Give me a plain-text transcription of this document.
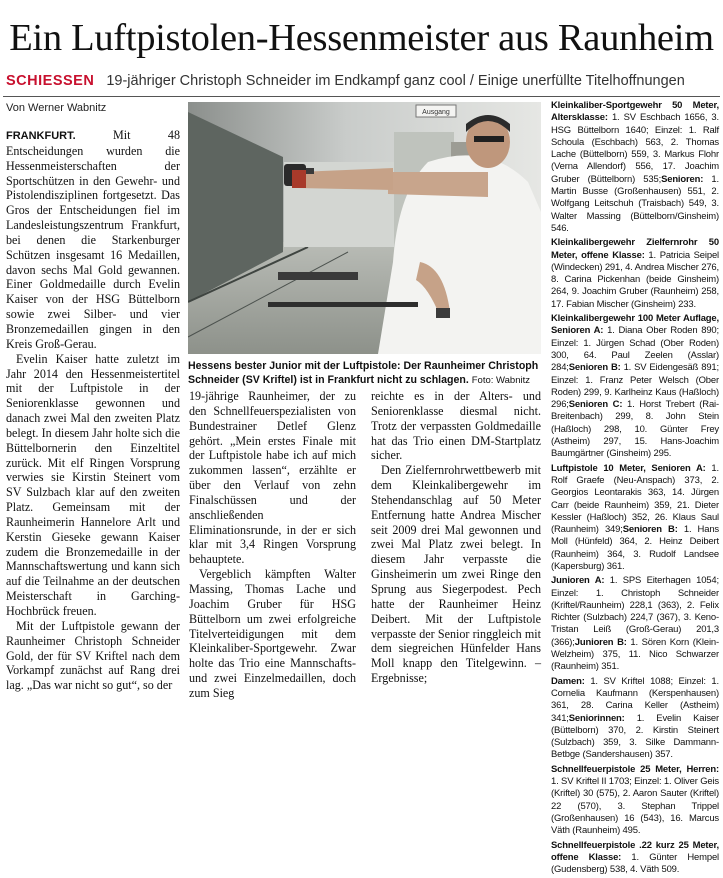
Ein Luftpistolen-Hessenmeister aus Raunheim
SCHIESSEN 19-jähriger Christoph Schneider im Endkampf ganz cool / Einige unerfüllte Titelhoffnungen
Von Werner Wabnitz

FRANKFURT.	Mit 48 Entscheidungen wurden die Hessenmeisterschaften der Sportschützen in den Gewehr- und Pistolendisziplinen fortgesetzt. Das Gros der Entscheidungen fiel im Landesleistungszentrum Frankfurt, bei denen die Starkenburger Schützen insgesamt 16 Medaillen, davon sechs Mal Gold gewannen. Einer Goldmedaille durch Evelin Kaiser von der HSG Büttelborn sowie zwei Silber- und vier Bronzemedaillen gingen in den Kreis Groß-Gerau.

Evelin Kaiser hatte zuletzt im Jahr 2014 den Hessenmeistertitel mit der Luftpistole in der Seniorenklasse gewonnen und danach zwei Mal den zweiten Platz belegt. In diesem Jahr holte sich die Büttelbornerin den Einzeltitel zurück. Mit elf Ringen Vorsprung verwies sie Kirstin Steinert vom SV Sulzbach klar auf den zweiten Platz. Gemeinsam mit der Raunheimerin Hannelore Arlt und Kerstin Gieseke gewann Kaiser zudem die Bronzemedaille in der Mannschaftswertung und kann sich auf die Teilnahme an der deutschen Meisterschaft in Garching-Hochbrück freuen.

Mit der Luftpistole gewann der Raunheimer Christoph Schneider Gold, der für SV Kriftel nach dem Vorkampf zunächst auf Rang drei lag. „Das war nicht so gut“, so der

Ausgang
Hessens bester Junior mit der Luftpistole: Der Raunheimer Christoph Schneider (SV Kriftel) ist in Frankfurt nicht zu schlagen. Foto: Wabnitz

19-jährige Raunheimer, der zu den Schnellfeuerspezialisten von Bundestrainer Detlef Glenz gehört. „Mein erstes Finale mit der Luftpistole habe ich auf mich zukommen lassen“, erzählte er über den Verlauf von zehn Finalschüssen und der anschließenden Eliminationsrunde, in der er sich klar mit 3,4 Ringen Vorsprung behauptete.

Vergeblich kämpften Walter Massing, Thomas Lache und Joachim Gruber für HSG Büttelborn um zwei erfolgreiche Titelverteidigungen mit dem Kleinkaliber-Sportgewehr. Zwar holte das Trio eine Mannschafts- und zwei Einzelmedaillen, doch zum Sieg

reichte es in der Alters- und Seniorenklasse diesmal nicht. Trotz der verpassten Goldmedaille hat das Trio einen DM-Startplatz sicher.

Den Zielfernrohrwettbewerb mit dem Kleinkalibergewehr im Stehendanschlag auf 50 Meter Entfernung hatte Andrea Mischer seit 2009 drei Mal gewonnen und zwei Mal Platz zwei belegt. In diesem Jahr verpasste die Ginsheimerin um zwei Ringe den Sprung aus Siegerpodest. Pech hatte der Raunheimer Heinz Deibert. Mit der Luftpistole verpasste der Senior ringgleich mit dem siegreichen Hünfelder Hans Moll knapp den Titelgewinn. – Ergebnisse;

Kleinkaliber-Sportgewehr 50 Meter, Altersklasse: 1. SV Eschbach 1656, 3. HSG Büttelborn 1640; Einzel: 1. Ralf Schoula (Eschbach) 563, 2. Thomas Lache (Büttelborn) 559, 3. Markus Flohr (Verna Allendorf) 556, 17. Joachim Gruber (Büttelborn) 535;Senioren: 1. Martin Busse (Großenhausen) 551, 2. Wolfgang Leitschuh (Traisbach) 549, 3. Walter Massing (Büttelborn/Ginsheim) 546.

Kleinkalibergewehr Zielfernrohr 50 Meter, offene Klasse: 1. Patricia Seipel (Windecken) 291, 4. Andrea Mischer 276, 8. Carina Pickenhan (beide Ginsheim) 264, 9. Joachim Gruber (Raunheim) 258, 17. Fabian Mischer (Ginsheim) 233.

Kleinkalibergewehr 100 Meter Auflage, Senioren A: 1. Diana Ober Roden 890; Einzel: 1. Jürgen Schad (Ober Roden) 300, 64. Paul Zeelen (Asslar) 284;Senioren B: 1. SV Eidengesäß 891; Einzel: 1. Franz Peter Welsch (Ober Roden) 299, 9. Karlheinz Kaus (Haßloch) 296;Senioren C: 1. Horst Trebert (Rai-Breitenbach) 299, 8. John Stein (Haßloch) 298, 10. Günter Frey (Astheim) 297, 15. Hans-Joachim Baumgärtner (Ginsheim) 295.

Luftpistole 10 Meter, Senioren A: 1. Rolf Graefe (Neu-Anspach) 373, 2. Georgios Leontarakis 363, 14. Jürgen Carr (beide Raunheim) 359, 21. Dieter Kessler (Haßloch) 352, 26. Klaus Saul (Raunheim) 349;Senioren B: 1. Hans Moll (Hünfeld) 364, 2. Heinz Deibert (Raunheim) 364, 3. Rudolf Landsee (Kapersburg) 361.

Junioren A: 1. SPS Eiterhagen 1054; Einzel: 1. Christoph Schneider (Kriftel/Raunheim) 228,1 (363), 2. Felix Richter (Sulzbach) 224,7 (367), 3. Keno-Tristan Leiß (Groß-Gerau) 201,3 (366);Junioren B: 1. Sören Korn (Klein-Welzheim) 375, 11. Nico Schwarzer (Raunheim) 351.

Damen: 1. SV Kriftel 1088; Einzel: 1. Cornelia Kaufmann (Kerspenhausen) 361, 28. Carina Keller (Astheim) 341;Seniorinnen: 1. Evelin Kaiser (Büttelborn) 370, 2. Kirstin Steinert (Sulzbach) 359, 3. Silke Dammann-Betbge (Sandershausen) 357.

Schnellfeuerpistole 25 Meter, Herren: 1. SV Kriftel II 1703; Einzel: 1. Oliver Geis (Kriftel) 30 (575), 2. Aaron Sauter (Kriftel) 22 (570), 3. Stephan Trippel (Großenhausen) 16 (543), 16. Marcus Väth (Raunheim) 495.

Schnellfeuerpistole .22 kurz 25 Meter, offene Klasse: 1. Günter Hempel (Gudensberg) 538, 4. Väth 509.
